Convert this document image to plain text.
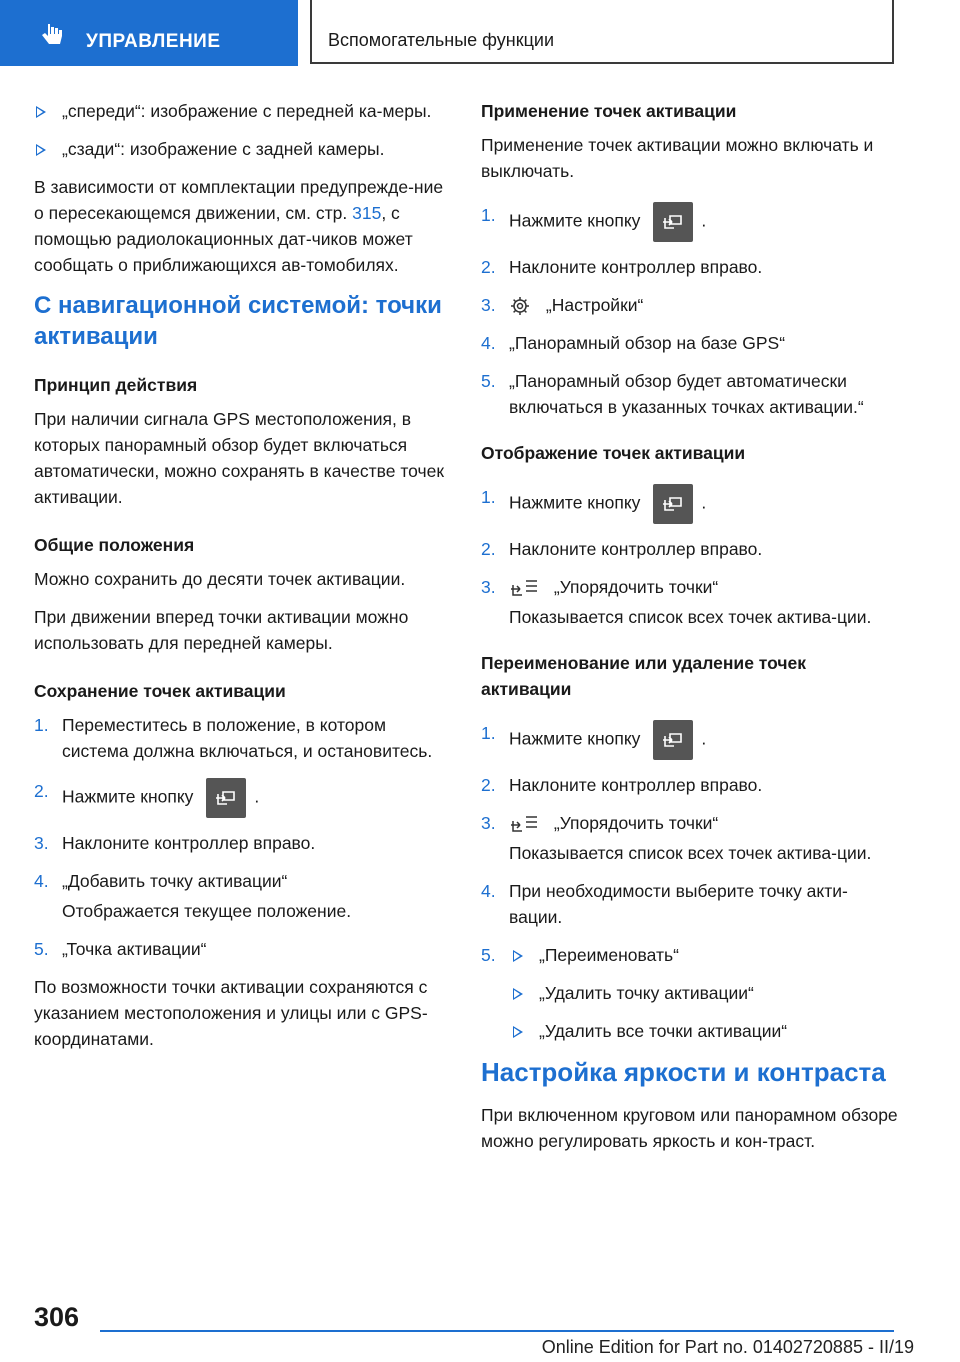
УПРАВЛЕНИЕ	Вспомогательные функции
„спереди“: изображение с передней ка-меры.
„сзади“: изображение с задней камеры.

В зависимости от комплектации предупрежде-ние о пересекающемся движении, см. стр. 315, с помощью радиолокационных дат-чиков может сообщать о приближающихся ав-томобилях.

С навигационной системой: точки активации
Принцип действия

При наличии сигнала GPS местоположения, в которых панорамный обзор будет включаться автоматически, можно сохранять в качестве точек активации.

Общие положения

Можно сохранить до десяти точек активации.

При движении вперед точки активации можно использовать для передней камеры.

Сохранение точек активации
1. Переместитесь в положение, в котором система должна включаться, и остановитесь.
2. Нажмите кнопку	.
3. Наклоните контроллер вправо.
4. „Добавить точку активации“

Отображается текущее положение.

5. „Точка активации“

По возможности точки активации сохраняются с указанием местоположения и улицы или с GPS-координатами.

Применение точек активации

Применение точек активации можно включать и выключать.

1. Нажмите кнопку	.
2. Наклоните контроллер вправо.
3.	„Настройки“
4. „Панорамный обзор на базе GPS“
5. „Панорамный обзор будет автоматически включаться в указанных точках активации.“
Отображение точек активации
1. Нажмите кнопку	.
2. Наклоните контроллер вправо.
3.	„Упорядочить точки“

Показывается список всех точек актива-ции.

Переименование или удаление точек активации
1. Нажмите кнопку	.
2. Наклоните контроллер вправо.
3.	„Упорядочить точки“

Показывается список всех точек актива-ции.

4. При необходимости выберите точку акти-вации.
5. „Переименовать“
„Удалить точку активации“
„Удалить все точки активации“
Настройка яркости и контраста

При включенном круговом или панорамном обзоре можно регулировать яркость и кон-траст.

306
Online Edition for Part no. 01402720885 - II/19
